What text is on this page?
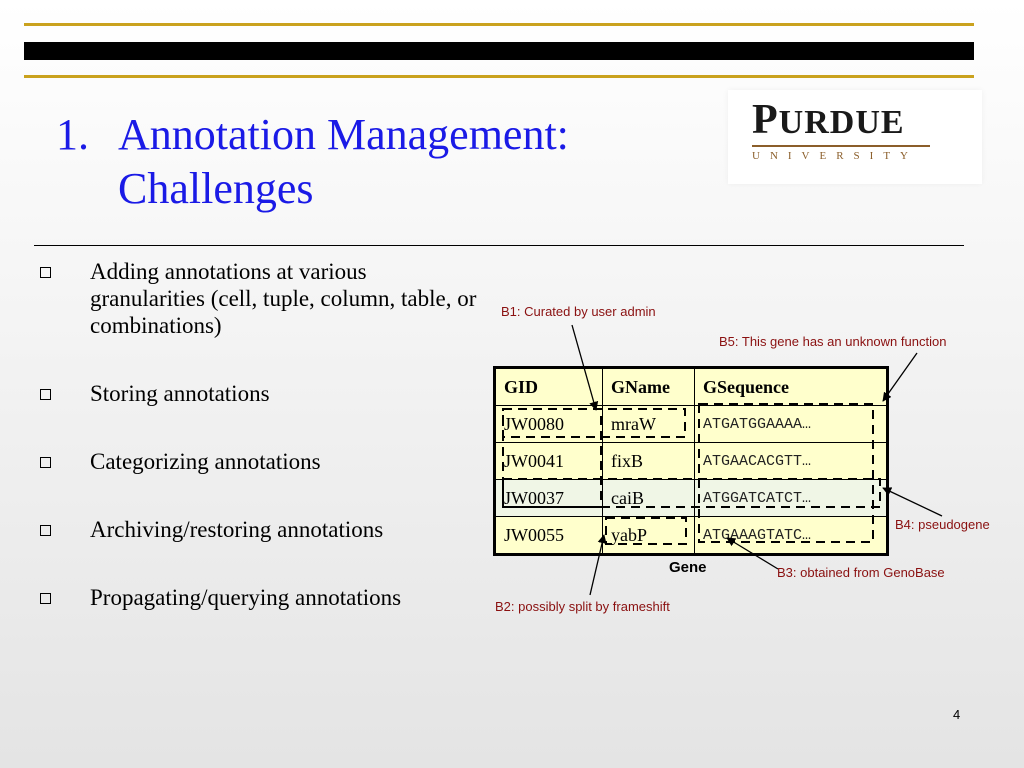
1. Annotation Management:
Challenges
PURDUE
UNIVERSITY
Adding annotations at various granularities (cell, tuple, column, table, or combinations)
Storing annotations
Categorizing annotations
Archiving/restoring annotations
Propagating/querying annotations
GID	GName	GSequence
JW0080	mraW	ATGATGGAAAA…
JW0041	fixB	ATGAACACGTT…
JW0037	caiB	ATGGATCATCT…
JW0055	yabP	ATGAAAGTATC…
B1: Curated by user admin
B5: This gene has an unknown function
B4: pseudogene
B3: obtained from GenoBase
B2: possibly split by frameshift
Gene
4
